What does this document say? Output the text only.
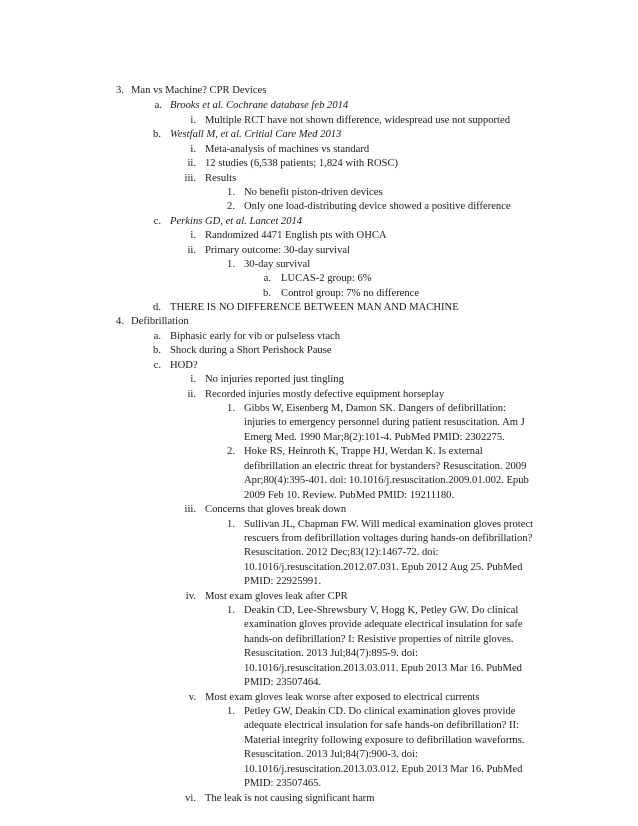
3. Man vs Machine? CPR Devices
a. Brooks et al. Cochrane database feb 2014
i. Multiple RCT have not shown difference, widespread use not supported
b. Westfall M, et al. Critial Care Med 2013
i. Meta-analysis of machines vs standard
ii. 12 studies (6,538 patients; 1,824 with ROSC)
iii. Results
1. No benefit piston-driven devices
2. Only one load-distributing device showed a positive difference
c. Perkins GD, et al. Lancet 2014
i. Randomized 4471 English pts with OHCA
ii. Primary outcome: 30-day survival
1. 30-day survival
a. LUCAS-2 group: 6%
b. Control group: 7% no difference
d. THERE IS NO DIFFERENCE BETWEEN MAN AND MACHINE
4. Defibrillation
a. Biphasic early for vib or pulseless vtach
b. Shock during a Short Perishock Pause
c. HOD?
i. No injuries reported just tingling
ii. Recorded injuries mostly defective equipment horseplay
1. Gibbs W, Eisenberg M, Damon SK. Dangers of defibrillation:
injuries to emergency personnel during patient resuscitation. Am J
Emerg Med. 1990 Mar;8(2):101-4. PubMed PMID: 2302275.
2. Hoke RS, Heinroth K, Trappe HJ, Werdan K. Is external
defibrillation an electric threat for bystanders? Resuscitation. 2009
Apr;80(4):395-401. doi: 10.1016/j.resuscitation.2009.01.002. Epub
2009 Feb 10. Review. PubMed PMID: 19211180.
iii. Concerns that gloves break down
1. Sullivan JL, Chapman FW. Will medical examination gloves protect
rescuers from defibrillation voltages during hands-on defibrillation?
Resuscitation. 2012 Dec;83(12):1467-72. doi:
10.1016/j.resuscitation.2012.07.031. Epub 2012 Aug 25. PubMed
PMID: 22925991.
iv. Most exam gloves leak after CPR
1. Deakin CD, Lee-Shrewsbury V, Hogg K, Petley GW. Do clinical
examination gloves provide adequate electrical insulation for safe
hands-on defibrillation? I: Resistive properties of nitrile gloves.
Resuscitation. 2013 Jul;84(7):895-9. doi:
10.1016/j.resuscitation.2013.03.011. Epub 2013 Mar 16. PubMed
PMID: 23507464.
v. Most exam gloves leak worse after exposed to electrical currents
1. Petley GW, Deakin CD. Do clinical examination gloves provide
adequate electrical insulation for safe hands-on defibrillation? II:
Material integrity following exposure to defibrillation waveforms.
Resuscitation. 2013 Jul;84(7):900-3. doi:
10.1016/j.resuscitation.2013.03.012. Epub 2013 Mar 16. PubMed
PMID: 23507465.
vi. The leak is not causing significant harm
